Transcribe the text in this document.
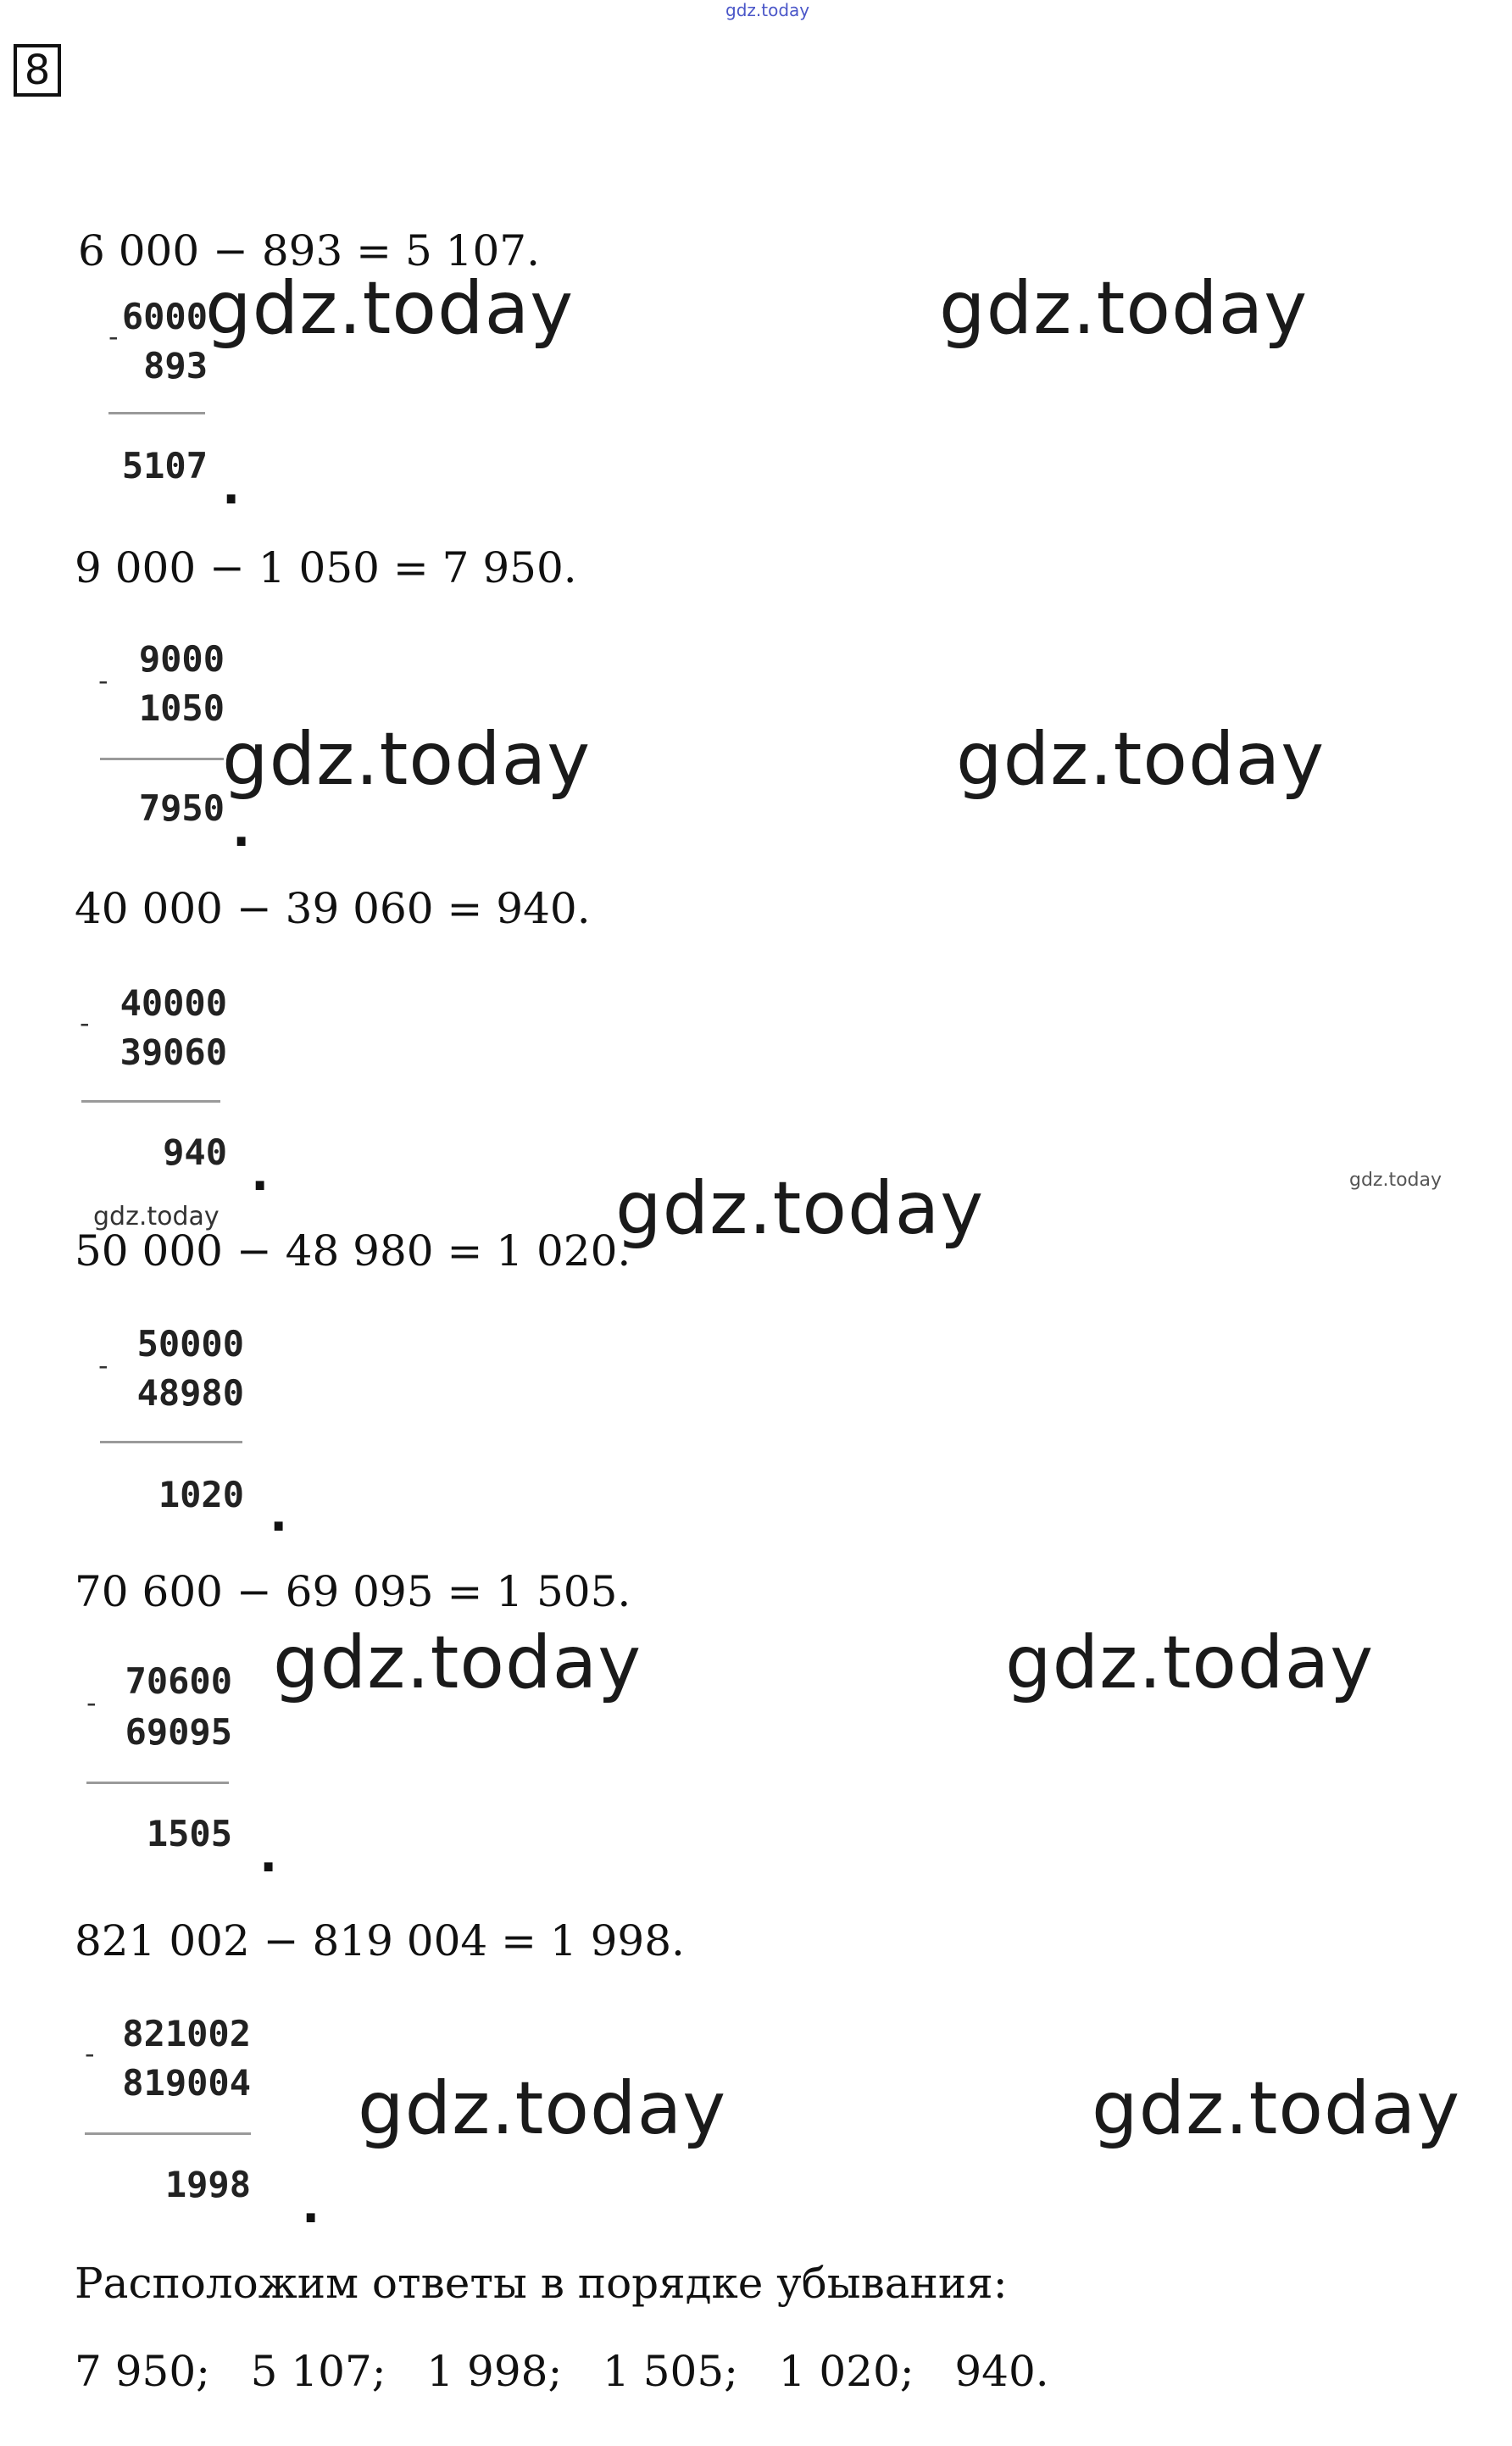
gdz.today
8
6 000 − 893 = 5 107.
6000
-
893
5107 .
9 000 − 1 050 = 7 950.
9000
-
1050
7950 .
40 000 − 39 060 = 940.
40000
-
39060
940 .
50 000 − 48 980 = 1 020.
50000
-
48980
1020 .
70 600 − 69 095 = 1 505.
70600
-
69095
1505 .
821 002 − 819 004 = 1 998.
821002
-
819004
1998 .
Расположим ответы в порядке убывания:
7 950;   5 107;   1 998;   1 505;   1 020;   940.
gdz.today	gdz.today
gdz.today	gdz.today
gdz.today	gdz.today	gdz.today
gdz.today	gdz.today
gdz.today	gdz.today
